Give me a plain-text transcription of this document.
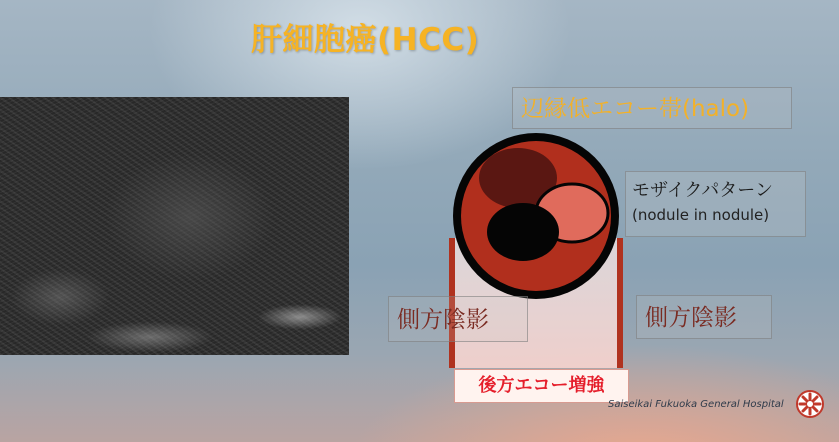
肝細胞癌(HCC)
辺縁低エコー帯(halo)
モザイクパターン
(nodule in nodule)
側方陰影	側方陰影
後方エコー増強
Saiseikai Fukuoka General Hospital
